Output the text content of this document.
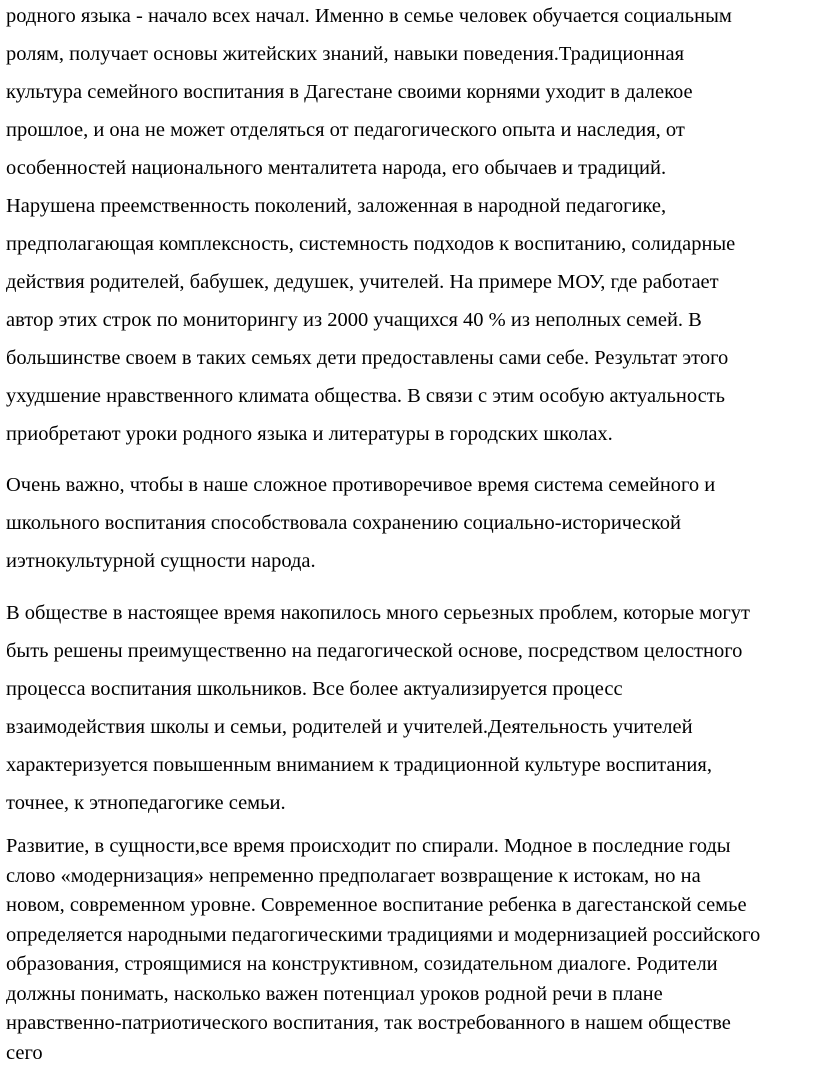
родного языка - начало всех начал. Именно в семье человек обучается социальным
ролям, получает основы житейских знаний, навыки поведения.Традиционная
культура семейного воспитания в Дагестане своими корнями уходит в далекое
прошлое, и она не может отделяться от педагогического опыта и наследия, от
особенностей национального менталитета народа, его обычаев и традиций.
Нарушена преемственность поколений, заложенная в народной педагогике,
предполагающая комплексность, системность подходов к воспитанию, солидарные
действия родителей, бабушек, дедушек, учителей. На примере МОУ, где работает
автор этих строк по мониторингу из 2000 учащихся 40 % из неполных семей. В
большинстве своем в таких семьях дети предоставлены сами себе. Результат этого
ухудшение нравственного климата общества. В связи с этим особую актуальность
приобретают уроки родного языка и литературы в городских школах.

Очень важно, чтобы в наше сложное противоречивое время система семейного и
школьного воспитания способствовала сохранению социально-исторической
иэтнокультурной сущности народа.

В обществе в настоящее время накопилось много серьезных проблем, которые могут
быть решены преимущественно на педагогической основе, посредством целостного
процесса воспитания школьников. Все более актуализируется процесс
взаимодействия школы и семьи, родителей и учителей.Деятельность учителей
характеризуется повышенным вниманием к традиционной культуре воспитания,
точнее, к этнопедагогике семьи.

Развитие, в сущности,все время происходит по спирали. Модное в последние годы
слово «модернизация» непременно предполагает возвращение к истокам, но на
новом, современном уровне. Современное воспитание ребенка в дагестанской семье
определяется народными педагогическими традициями и модернизацией российского
образования, строящимися на конструктивном, созидательном диалоге. Родители
должны понимать, насколько важен потенциал уроков родной речи в плане
нравственно-патриотического воспитания, так востребованного в нашем обществе
сего
